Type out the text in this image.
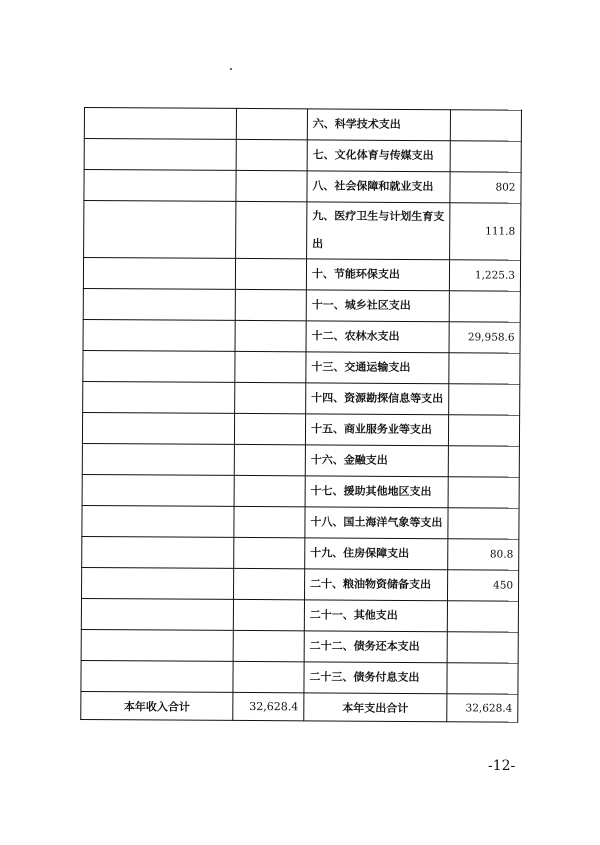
		六、科学技术支出	

		七、文化体育与传媒支出	

		八、社会保障和就业支出	802

		九、医疗卫生与计划生育支出	111.8

		十、节能环保支出	1,225.3

		十一、城乡社区支出	

		十二、农林水支出	29,958.6

		十三、交通运输支出	

		十四、资源勘探信息等支出	

		十五、商业服务业等支出	

		十六、金融支出	

		十七、援助其他地区支出	

		十八、国土海洋气象等支出	

		十九、住房保障支出	80.8

		二十、粮油物资储备支出	450

		二十一、其他支出	

		二十二、债务还本支出	

		二十三、债务付息支出	

本年收入合计	32,628.4	本年支出合计	32,628.4
-12-
